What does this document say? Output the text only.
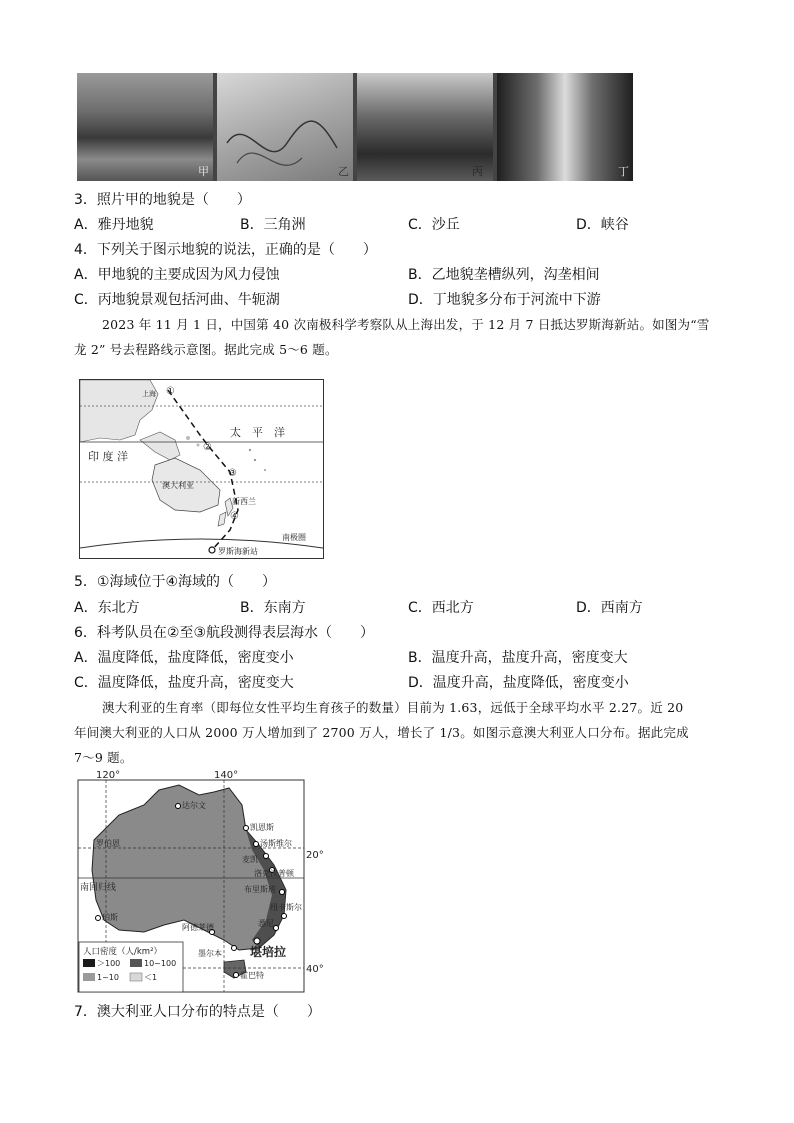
甲	乙	丙	丁
3．照片甲的地貌是（　　）
A．雅丹地貌	B．三角洲	C．沙丘	D．峡谷
4．下列关于图示地貌的说法，正确的是（　　）
A．甲地貌的主要成因为风力侵蚀	B．乙地貌垄槽纵列，沟垄相间
C．丙地貌景观包括河曲、牛轭湖	D．丁地貌多分布于河流中下游
2023 年 11 月 1 日，中国第 40 次南极科学考察队从上海出发，于 12 月 7 日抵达罗斯海新站。如图为“雪
龙 2” 号去程路线示意图。据此完成 5～6 题。
①
②
③
④
上海
太　平　洋
印 度 洋
澳大利亚
新西兰
南极圈
罗斯海新站
5．①海域位于④海域的（　　）
A．东北方	B．东南方	C．西北方	D．西南方
6．科考队员在②至③航段测得表层海水（　　）
A．温度降低，盐度降低，密度变小	B．温度升高，盐度升高，密度变大
C．温度降低，盐度升高，密度变大	D．温度升高，盐度降低，密度变小
澳大利亚的生育率（即每位女性平均生育孩子的数量）目前为 1.63，远低于全球平均水平 2.27。近 20
年间澳大利亚的人口从 2000 万人增加到了 2700 万人，增长了 1/3。如图示意澳大利亚人口分布。据此完成
7～9 题。
120°	140°
20°
40°
南回归线
达尔文
凯恩斯
汤斯维尔
罗伯恩
麦凯
洛克汉普顿
布里斯班
纽卡斯尔
悉尼
堪培拉
墨尔本
阿德莱德
珀斯
霍巴特
人口密度（人/km²）
＞100	10~100
1~10	＜1
7．澳大利亚人口分布的特点是（　　）
